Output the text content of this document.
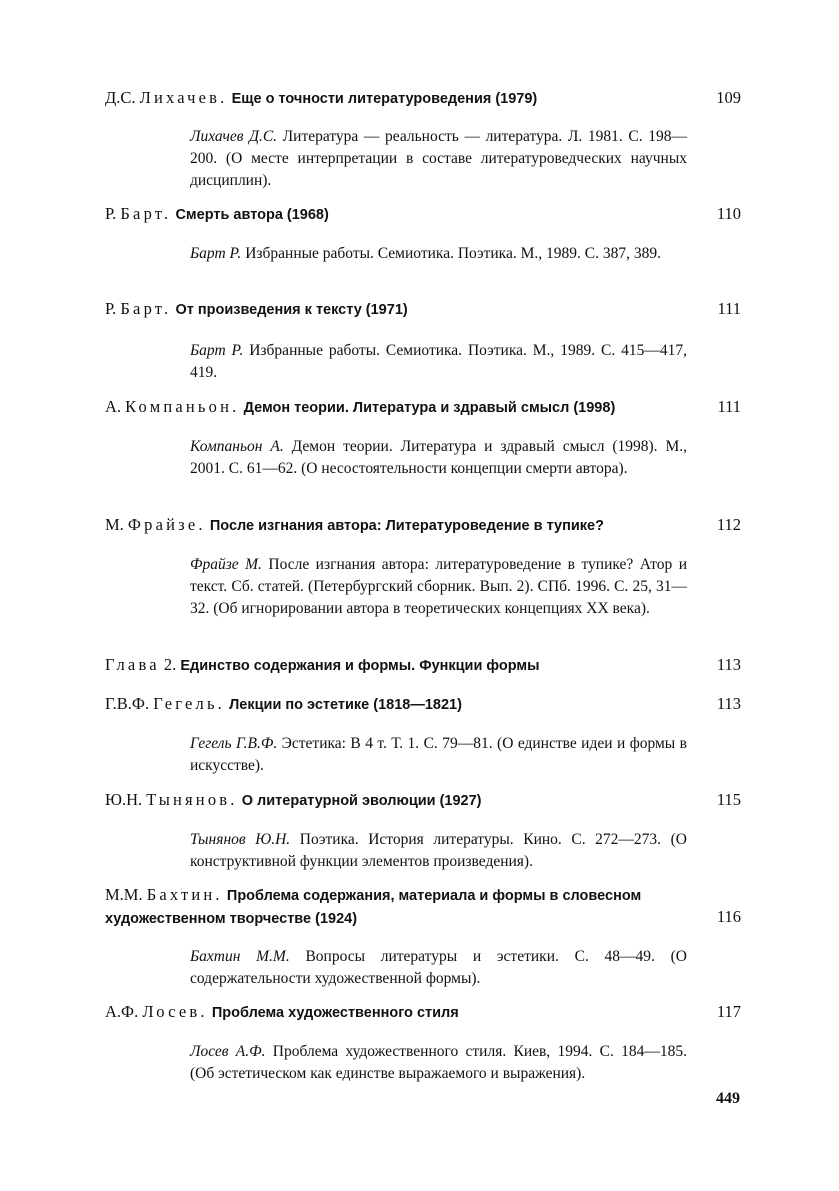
Д.С. Лихачев. Еще о точности литературоведения (1979)	109
Лихачев Д.С. Литература — реальность — литература. Л. 1981. С. 198—200. (О месте интерпретации в составе литературоведческих научных дисциплин).
Р. Барт. Смерть автора (1968)	110
Барт Р. Избранные работы. Семиотика. Поэтика. М., 1989. С. 387, 389.
Р. Барт. От произведения к тексту (1971)	111
Барт Р. Избранные работы. Семиотика. Поэтика. М., 1989. С. 415—417, 419.
А. Компаньон. Демон теории. Литература и здравый смысл (1998)	111
Компаньон А. Демон теории. Литература и здравый смысл (1998). М., 2001. С. 61—62. (О несостоятельности концепции смерти автора).
М. Фрайзе. После изгнания автора: Литературоведение в тупике?	112
Фрайзе М. После изгнания автора: литературоведение в тупике? Атор и текст. Сб. статей. (Петербургский сборник. Вып. 2). СПб. 1996. С. 25, 31—32. (Об игнорировании автора в теоретических концепциях XX века).
Глава 2. Единство содержания и формы. Функции формы	113
Г.В.Ф. Гегель. Лекции по эстетике (1818—1821)	113
Гегель Г.В.Ф. Эстетика: В 4 т. Т. 1. С. 79—81. (О единстве идеи и формы в искусстве).
Ю.Н. Тынянов. О литературной эволюции (1927)	115
Тынянов Ю.Н. Поэтика. История литературы. Кино. С. 272—273. (О конструктивной функции элементов произведения).
М.М. Бахтин. Проблема содержания, материала и формы в словесном художественном творчестве (1924)	116
Бахтин М.М. Вопросы литературы и эстетики. С. 48—49. (О содержательности художественной формы).
А.Ф. Лосев. Проблема художественного стиля	117
Лосев А.Ф. Проблема художественного стиля. Киев, 1994. С. 184—185. (Об эстетическом как единстве выражаемого и выражения).
449
